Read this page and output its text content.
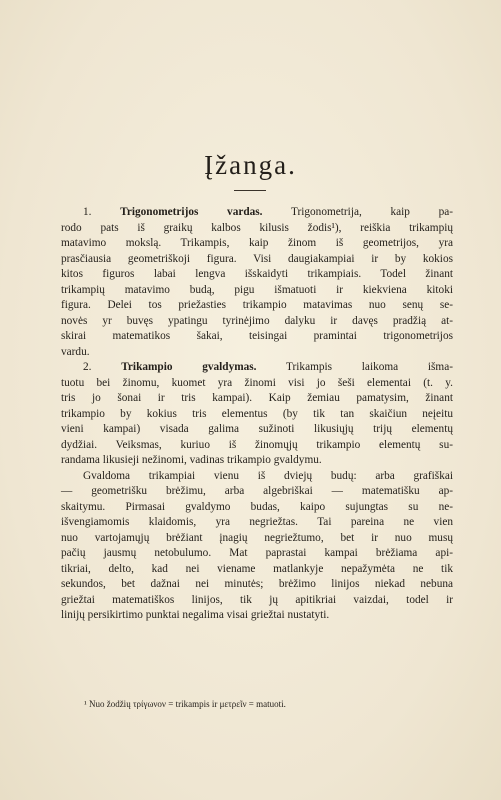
Įžanga.
1.	Trigonometrijos vardas.	Trigonometrija, kaip pa-
rodo pats iš graikų kalbos kilusis žodis¹), reiškia trikampių
matavimo mokslą. Trikampis, kaip žinom iš geometrijos, yra
prasčiausia geometriškoji figura. Visi daugiakampiai ir by kokios
kitos figuros labai lengva išskaidyti trikampiais. Todel žinant
trikampių matavimo budą, pigu išmatuoti ir kiekviena kitoki
figura. Delei tos priežasties trikampio matavimas nuo senų se-
novės yr buvęs ypatingu tyrinėjimo dalyku ir davęs pradžią at-
skirai matematikos šakai, teisingai pramintai trigonometrijos
vardu.
2.	Trikampio gvaldymas.	Trikampis laikoma išma-
tuotu bei žinomu, kuomet yra žinomi visi jo šeši elementai (t. y.
tris jo šonai ir tris kampai). Kaip žemiau pamatysim, žinant
trikampio by kokius tris elementus (by tik tan skaičiun neįeitu
vieni kampai) visada galima sužinoti likusiųjų trijų elementų
dydžiai. Veiksmas, kuriuo iš žinomųjų trikampio elementų su-
randama likusieji nežinomi, vadinas trikampio gvaldymu.
Gvaldoma trikampiai vienu iš dviejų budų: arba grafiškai
— geometrišku brėžimu, arba algebriškai — matematišku ap-
skaitymu. Pirmasai gvaldymo budas, kaipo sujungtas su ne-
išvengiamomis klaidomis, yra negriežtas. Tai pareina ne vien
nuo vartojamųjų brėžiant įnagių negriežtumo, bet ir nuo musų
pačių jausmų netobulumo. Mat paprastai kampai brėžiama api-
tikriai, delto, kad nei viename matlankyje nepažymėta ne tik
sekundos, bet dažnai nei minutės; brėžimo linijos niekad nebuna
griežtai matematiškos linijos, tik jų apitikriai vaizdai, todel ir
linijų persikirtimo punktai negalima visai griežtai nustatyti.
¹ Nuo žodžių τρίγωνον = trikampis ir μετρεῖν = matuoti.
